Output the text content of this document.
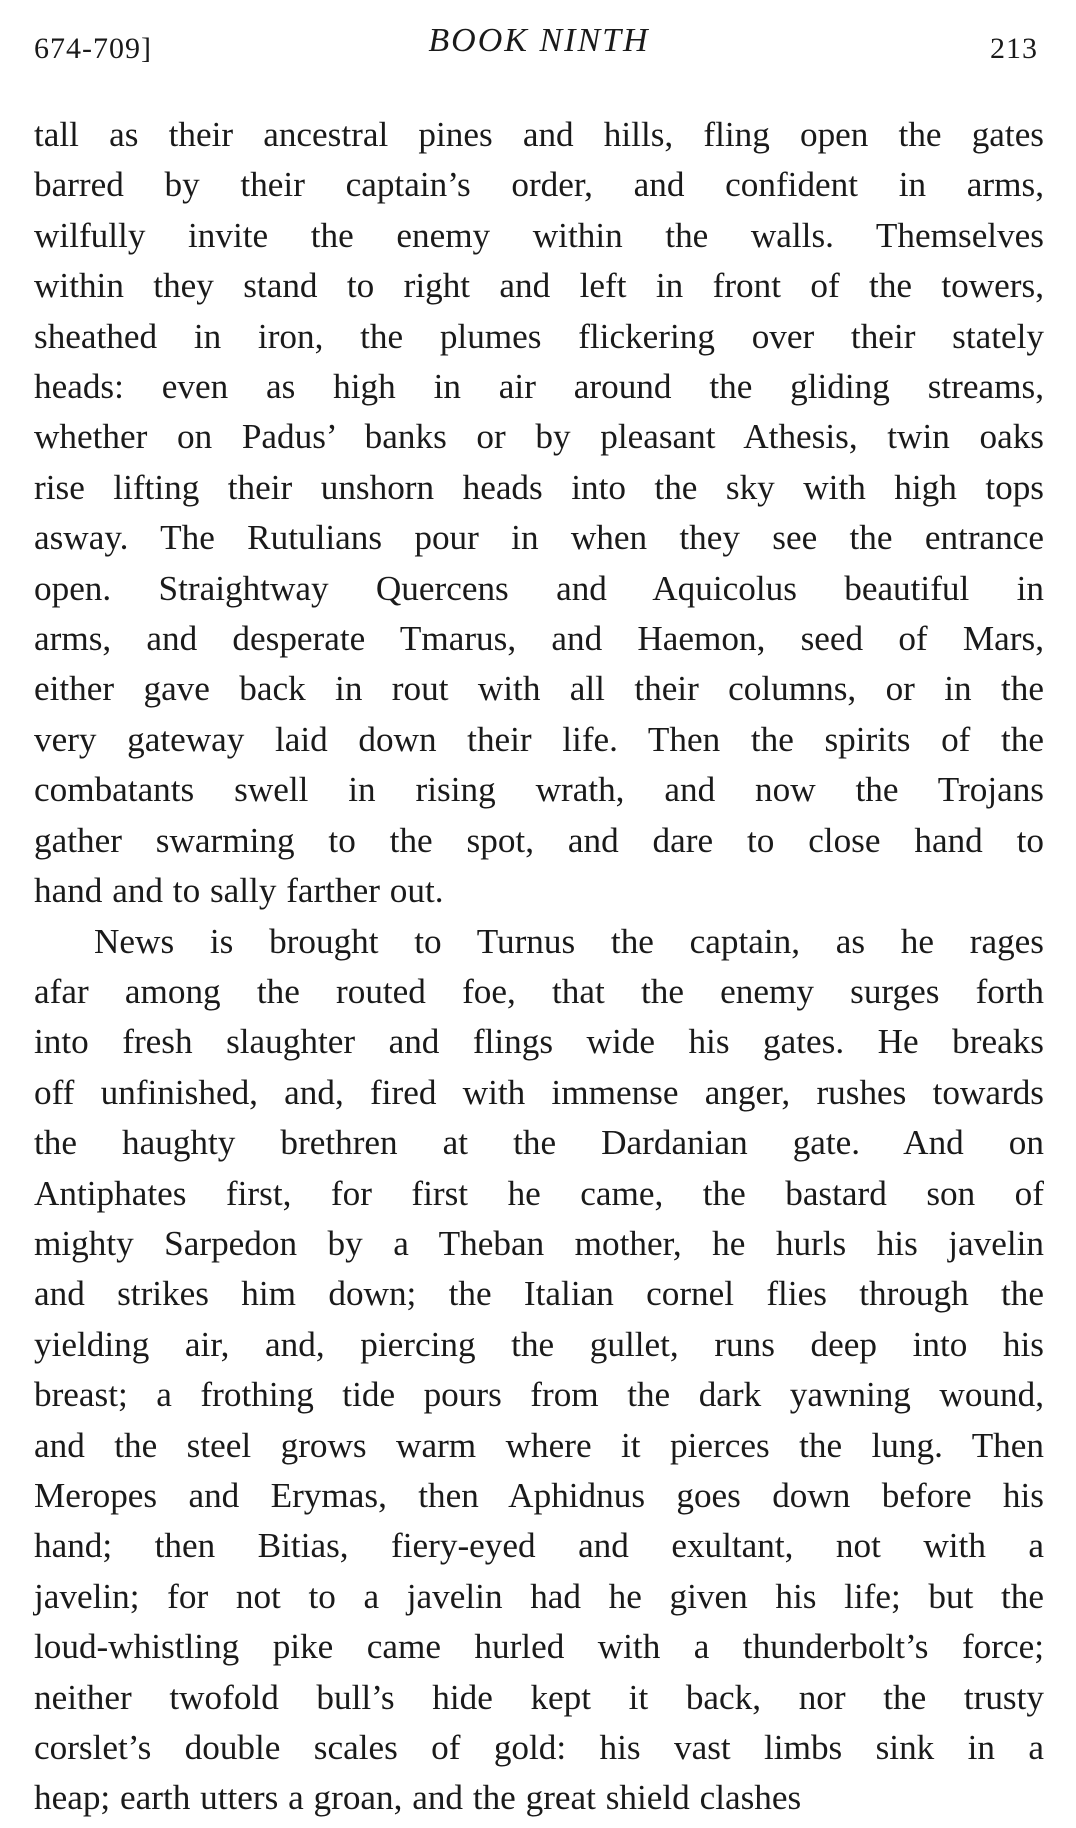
674-709]	BOOK NINTH	213

tall as their ancestral pines and hills, fling open the gates
barred by their captain’s order, and confident in arms,
wilfully invite the enemy within the walls. Themselves
within they stand to right and left in front of the towers,
sheathed in iron, the plumes flickering over their stately
heads: even as high in air around the gliding streams,
whether on Padus’ banks or by pleasant Athesis, twin oaks
rise lifting their unshorn heads into the sky with high tops
asway. The Rutulians pour in when they see the entrance
open. Straightway Quercens and Aquicolus beautiful in
arms, and desperate Tmarus, and Haemon, seed of Mars,
either gave back in rout with all their columns, or in the
very gateway laid down their life. Then the spirits of the
combatants swell in rising wrath, and now the Trojans
gather swarming to the spot, and dare to close hand to
hand and to sally farther out.

News is brought to Turnus the captain, as he rages
afar among the routed foe, that the enemy surges forth
into fresh slaughter and flings wide his gates. He breaks
off unfinished, and, fired with immense anger, rushes towards
the haughty brethren at the Dardanian gate. And on
Antiphates first, for first he came, the bastard son of
mighty Sarpedon by a Theban mother, he hurls his javelin
and strikes him down; the Italian cornel flies through the
yielding air, and, piercing the gullet, runs deep into his
breast; a frothing tide pours from the dark yawning wound,
and the steel grows warm where it pierces the lung. Then
Meropes and Erymas, then Aphidnus goes down before his
hand; then Bitias, fiery-eyed and exultant, not with a
javelin; for not to a javelin had he given his life; but the
loud-whistling pike came hurled with a thunderbolt’s force;
neither twofold bull’s hide kept it back, nor the trusty
corslet’s double scales of gold: his vast limbs sink in a
heap; earth utters a groan, and the great shield clashes
